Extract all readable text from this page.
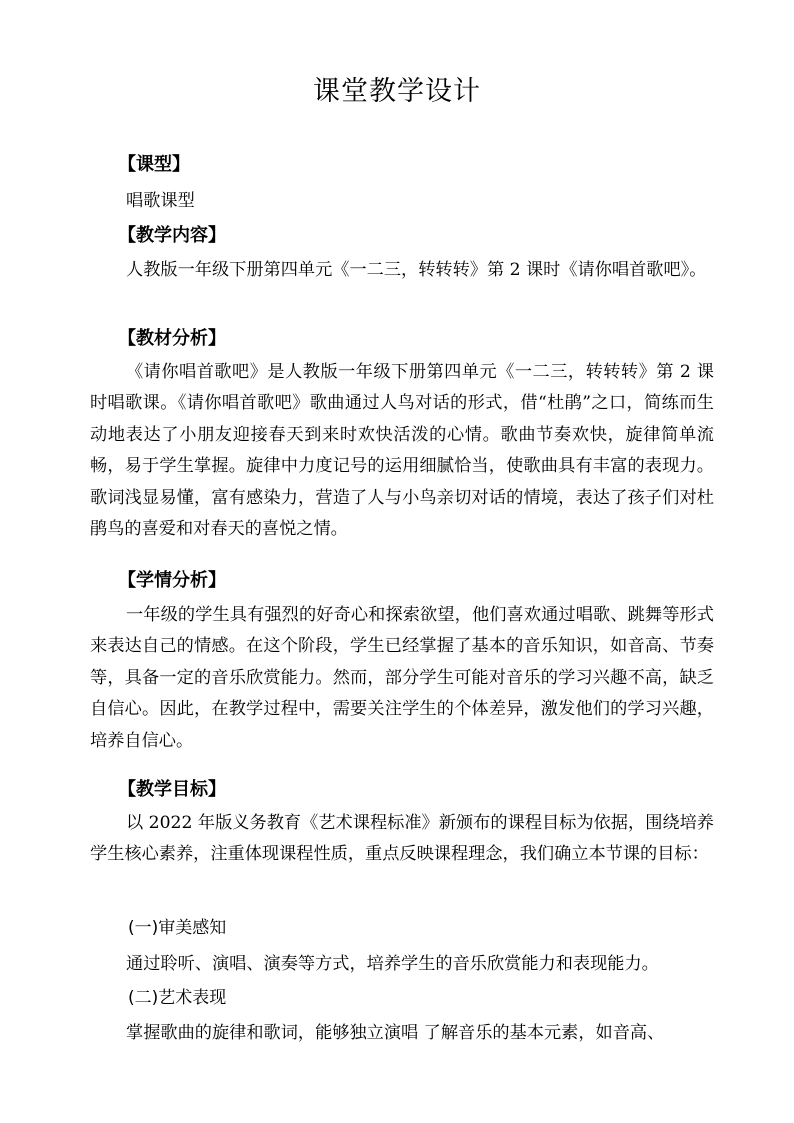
课堂教学设计
【课型】
唱歌课型
【教学内容】

人教版一年级下册第四单元《一二三，转转转》第 2 课时《请你唱首歌吧》。

【教材分析】

《请你唱首歌吧》是人教版一年级下册第四单元《一二三，转转转》第 2 课时唱歌课。《请你唱首歌吧》歌曲通过人鸟对话的形式，借“杜鹃”之口，简练而生动地表达了小朋友迎接春天到来时欢快活泼的心情。歌曲节奏欢快，旋律简单流畅，易于学生掌握。旋律中力度记号的运用细腻恰当，使歌曲具有丰富的表现力。歌词浅显易懂，富有感染力，营造了人与小鸟亲切对话的情境，表达了孩子们对杜鹃鸟的喜爱和对春天的喜悦之情。

【学情分析】

一年级的学生具有强烈的好奇心和探索欲望，他们喜欢通过唱歌、跳舞等形式来表达自己的情感。在这个阶段，学生已经掌握了基本的音乐知识，如音高、节奏等，具备一定的音乐欣赏能力。然而，部分学生可能对音乐的学习兴趣不高，缺乏自信心。因此，在教学过程中，需要关注学生的个体差异，激发他们的学习兴趣，培养自信心。

【教学目标】

以 2022 年版义务教育《艺术课程标准》新颁布的课程目标为依据，围绕培养学生核心素养，注重体现课程性质，重点反映课程理念，我们确立本节课的目标：

(一)审美感知
通过聆听、演唱、演奏等方式，培养学生的音乐欣赏能力和表现能力。
(二)艺术表现
掌握歌曲的旋律和歌词，能够独立演唱 了解音乐的基本元素，如音高、
